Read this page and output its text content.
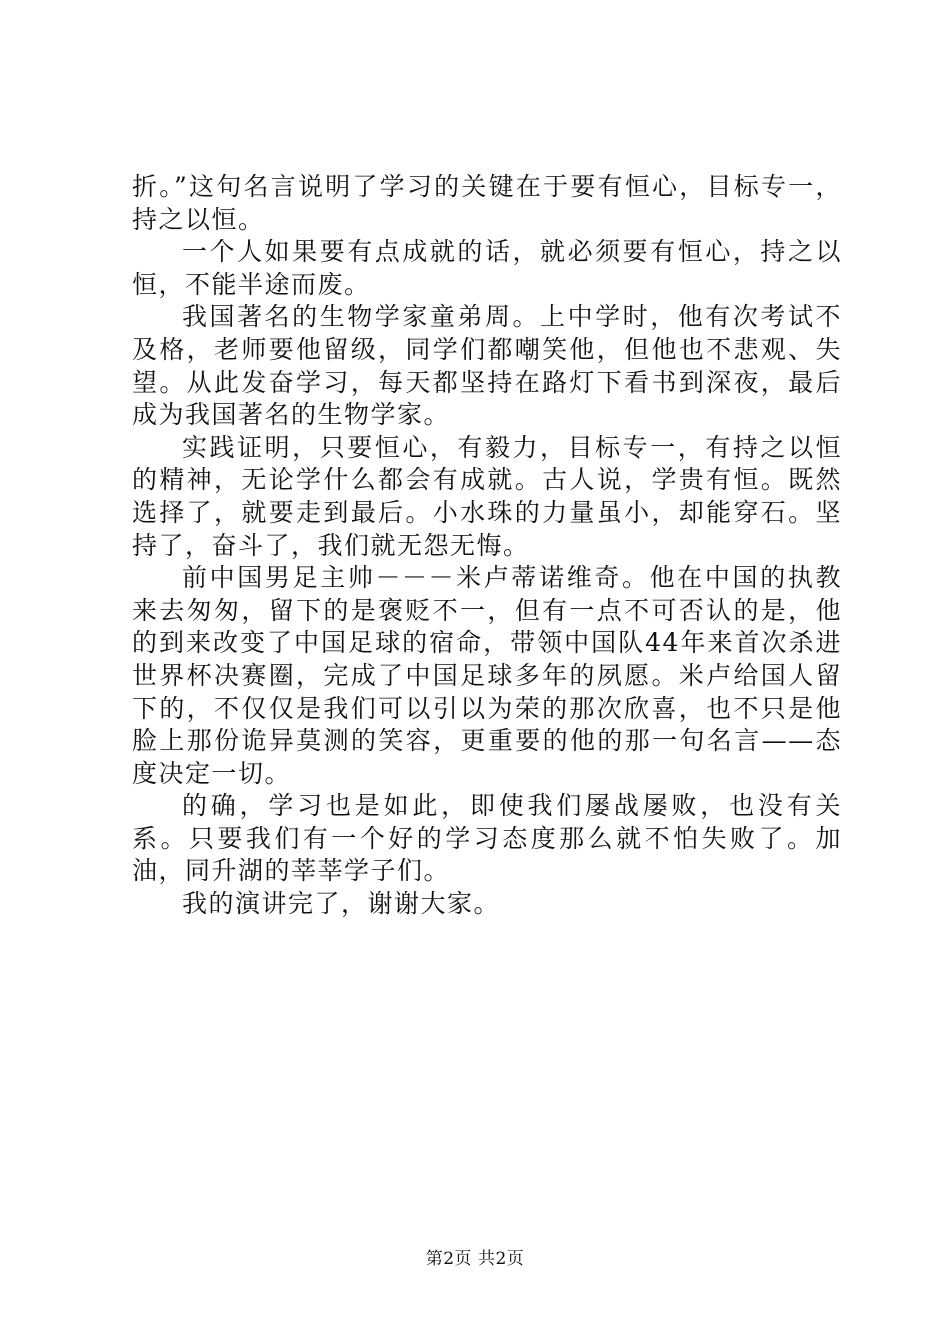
折。”这句名言说明了学习的关键在于要有恒心，目标专一，持之以恒。

一个人如果要有点成就的话，就必须要有恒心，持之以恒，不能半途而废。

我国著名的生物学家童弟周。上中学时，他有次考试不及格，老师要他留级，同学们都嘲笑他，但他也不悲观、失望。从此发奋学习，每天都坚持在路灯下看书到深夜，最后成为我国著名的生物学家。

实践证明，只要恒心，有毅力，目标专一，有持之以恒的精神，无论学什么都会有成就。古人说，学贵有恒。既然选择了，就要走到最后。小水珠的力量虽小，却能穿石。坚持了，奋斗了，我们就无怨无悔。

前中国男足主帅－－－米卢蒂诺维奇。他在中国的执教来去匆匆，留下的是褒贬不一，但有一点不可否认的是，他的到来改变了中国足球的宿命，带领中国队44年来首次杀进世界杯决赛圈，完成了中国足球多年的夙愿。米卢给国人留下的，不仅仅是我们可以引以为荣的那次欣喜，也不只是他脸上那份诡异莫测的笑容，更重要的他的那一句名言——态度决定一切。

的确，学习也是如此，即使我们屡战屡败，也没有关系。只要我们有一个好的学习态度那么就不怕失败了。加油，同升湖的莘莘学子们。

我的演讲完了，谢谢大家。

第2页 共2页
